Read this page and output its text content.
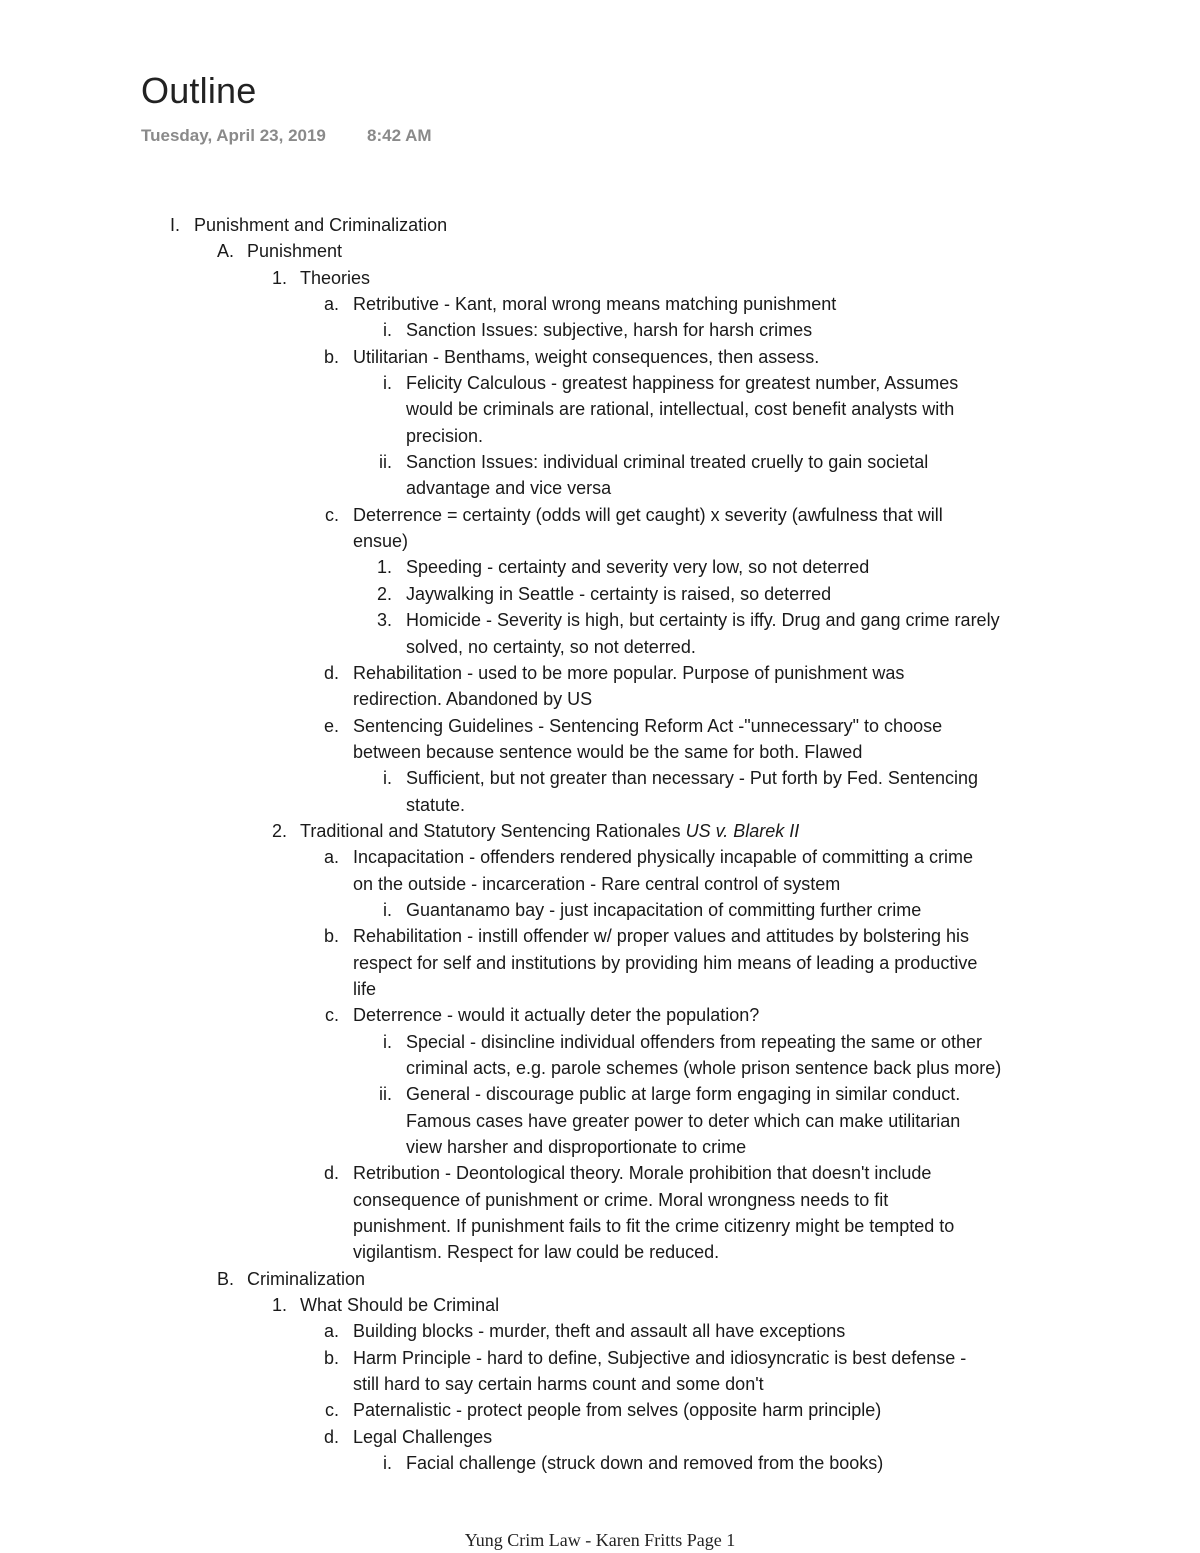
Outline
Tuesday, April 23, 2019 8:42 AM
I. Punishment and Criminalization
A. Punishment
1. Theories
a. Retributive - Kant, moral wrong means matching punishment
i. Sanction Issues: subjective, harsh for harsh crimes
b. Utilitarian - Benthams, weight consequences, then assess.
i. Felicity Calculous - greatest happiness for greatest number, Assumes
would be criminals are rational, intellectual, cost benefit analysts with
precision.
ii. Sanction Issues: individual criminal treated cruelly to gain societal
advantage and vice versa
c. Deterrence = certainty (odds will get caught) x severity (awfulness that will
ensue)
1. Speeding - certainty and severity very low, so not deterred
2. Jaywalking in Seattle - certainty is raised, so deterred
3. Homicide - Severity is high, but certainty is iffy. Drug and gang crime rarely
solved, no certainty, so not deterred.
d. Rehabilitation - used to be more popular. Purpose of punishment was
redirection. Abandoned by US
e. Sentencing Guidelines - Sentencing Reform Act -"unnecessary" to choose
between because sentence would be the same for both. Flawed
i. Sufficient, but not greater than necessary - Put forth by Fed. Sentencing
statute.
2. Traditional and Statutory Sentencing Rationales US v. Blarek II
a. Incapacitation - offenders rendered physically incapable of committing a crime
on the outside - incarceration - Rare central control of system
i. Guantanamo bay - just incapacitation of committing further crime
b. Rehabilitation - instill offender w/ proper values and attitudes by bolstering his
respect for self and institutions by providing him means of leading a productive
life
c. Deterrence - would it actually deter the population?
i. Special - disincline individual offenders from repeating the same or other
criminal acts, e.g. parole schemes (whole prison sentence back plus more)
ii. General - discourage public at large form engaging in similar conduct.
Famous cases have greater power to deter which can make utilitarian
view harsher and disproportionate to crime
d. Retribution - Deontological theory. Morale prohibition that doesn't include
consequence of punishment or crime. Moral wrongness needs to fit
punishment. If punishment fails to fit the crime citizenry might be tempted to
vigilantism. Respect for law could be reduced.
B. Criminalization
1. What Should be Criminal
a. Building blocks - murder, theft and assault all have exceptions
b. Harm Principle - hard to define, Subjective and idiosyncratic is best defense -
still hard to say certain harms count and some don't
c. Paternalistic - protect people from selves (opposite harm principle)
d. Legal Challenges
i. Facial challenge (struck down and removed from the books)
Yung Crim Law - Karen Fritts Page 1
